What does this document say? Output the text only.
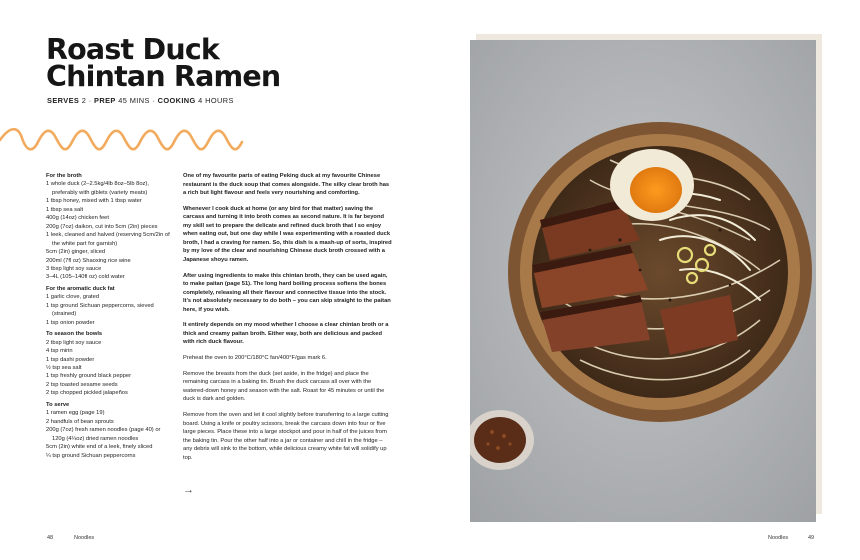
Roast Duck
Chintan Ramen
SERVES 2 · PREP 45 MINS · COOKING 4 HOURS
For the broth
1 whole duck (2–2.5kg/4lb 8oz–5lb 8oz), preferably with giblets (variety meats)
1 tbsp honey, mixed with 1 tbsp water
1 tbsp sea salt
400g (14oz) chicken feet
200g (7oz) daikon, cut into 5cm (2in) pieces
1 leek, cleaned and halved (reserving 5cm/2in of the white part for garnish)
5cm (2in) ginger, sliced
200ml (7fl oz) Shaoxing rice wine
3 tbsp light soy sauce
3–4L (105–140fl oz) cold water
For the aromatic duck fat
1 garlic clove, grated
1 tsp ground Sichuan peppercorns, sieved (strained)
1 tsp onion powder
To season the bowls
2 tbsp light soy sauce
4 tsp mirin
1 tsp dashi powder
½ tsp sea salt
1 tsp freshly ground black pepper
2 tsp toasted sesame seeds
2 tsp chopped pickled jalapeños
To serve
1 ramen egg (page 19)
2 handfuls of bean sprouts
200g (7oz) fresh ramen noodles (page 40) or 120g (4¼oz) dried ramen noodles
5cm (2in) white end of a leek, finely sliced
¼ tsp ground Sichuan peppercorns

One of my favourite parts of eating Peking duck at my favourite Chinese restaurant is the duck soup that comes alongside. The silky clear broth has a rich but light flavour and feels very nourishing and comforting.

Whenever I cook duck at home (or any bird for that matter) saving the carcass and turning it into broth comes as second nature. It is far beyond my skill set to prepare the delicate and refined duck broth that I so enjoy when eating out, but one day while I was experimenting with a roasted duck broth, I had a craving for ramen. So, this dish is a mash-up of sorts, inspired by my love of the clear and nourishing Chinese duck broth crossed with a Japanese shoyu ramen.

After using ingredients to make this chintan broth, they can be used again, to make paitan (page 51). The long hard boiling process softens the bones completely, releasing all their flavour and connective tissue into the stock. It’s not absolutely necessary to do both – you can skip straight to the paitan here, if you wish.

It entirely depends on my mood whether I choose a clear chintan broth or a thick and creamy paitan broth. Either way, both are delicious and packed with rich duck flavour.

Preheat the oven to 200°C/180°C fan/400°F/gas mark 6.

Remove the breasts from the duck (set aside, in the fridge) and place the remaining carcass in a baking tin. Brush the duck carcass all over with the watered-down honey and season with the salt. Roast for 45 minutes or until the duck is dark and golden.

Remove from the oven and let it cool slightly before transferring to a large cutting board. Using a knife or poultry scissors, break the carcass down into four or five large pieces. Place these into a large stockpot and pour in half of the juices from the baking tin. Pour the other half into a jar or container and chill in the fridge – any debris will sink to the bottom, while delicious creamy white fat will solidify up top.

→
48	Noodles	Noodles	49
